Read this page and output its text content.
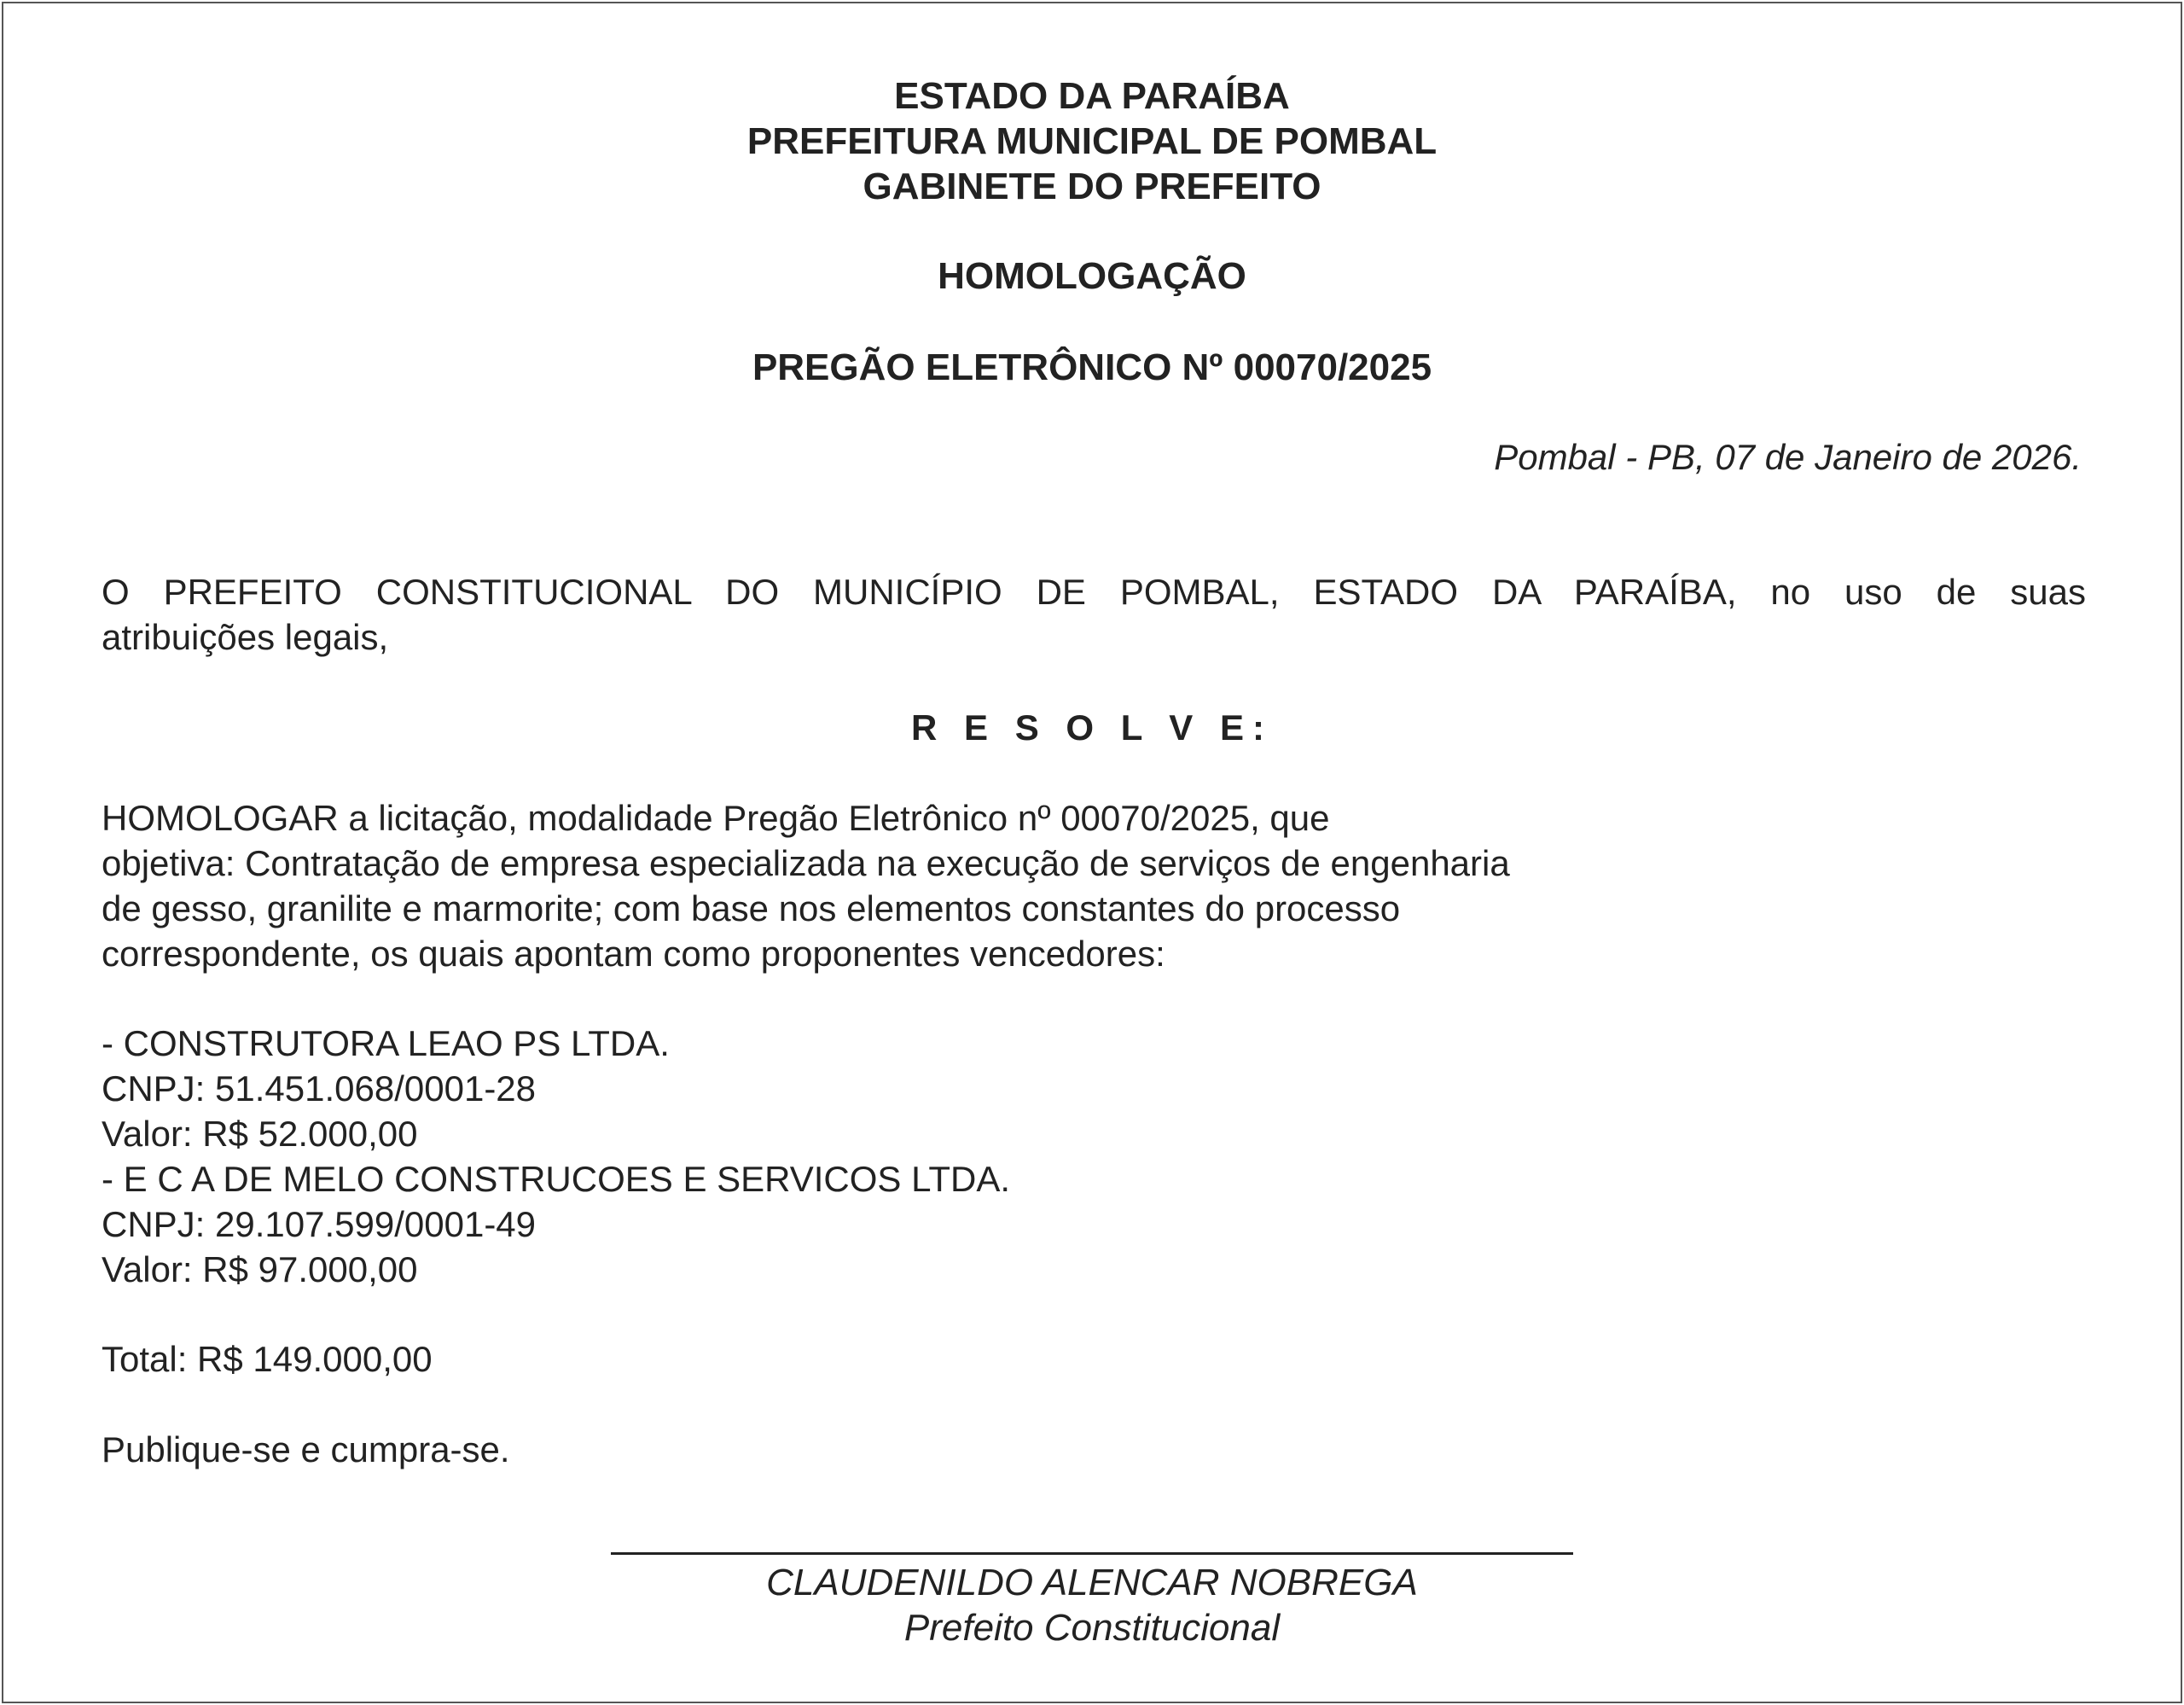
ESTADO DA PARAÍBA
PREFEITURA MUNICIPAL DE POMBAL
GABINETE DO PREFEITO
HOMOLOGAÇÃO
PREGÃO ELETRÔNICO Nº 00070/2025
Pombal - PB, 07 de Janeiro de 2026.
O PREFEITO CONSTITUCIONAL DO MUNICÍPIO DE POMBAL, ESTADO DA PARAÍBA, no uso de suas
atribuições legais,
R E S O L V E:
HOMOLOGAR a licitação, modalidade Pregão Eletrônico nº 00070/2025, que
objetiva: Contratação de empresa especializada na execução de serviços de engenharia
de gesso, granilite e marmorite; com base nos elementos constantes do processo
correspondente, os quais apontam como proponentes vencedores:
- CONSTRUTORA LEAO PS LTDA.
CNPJ: 51.451.068/0001-28
Valor: R$ 52.000,00
- E C A DE MELO CONSTRUCOES E SERVICOS LTDA.
CNPJ: 29.107.599/0001-49
Valor: R$ 97.000,00
Total: R$ 149.000,00
Publique-se e cumpra-se.
CLAUDENILDO ALENCAR NOBREGA
Prefeito Constitucional
